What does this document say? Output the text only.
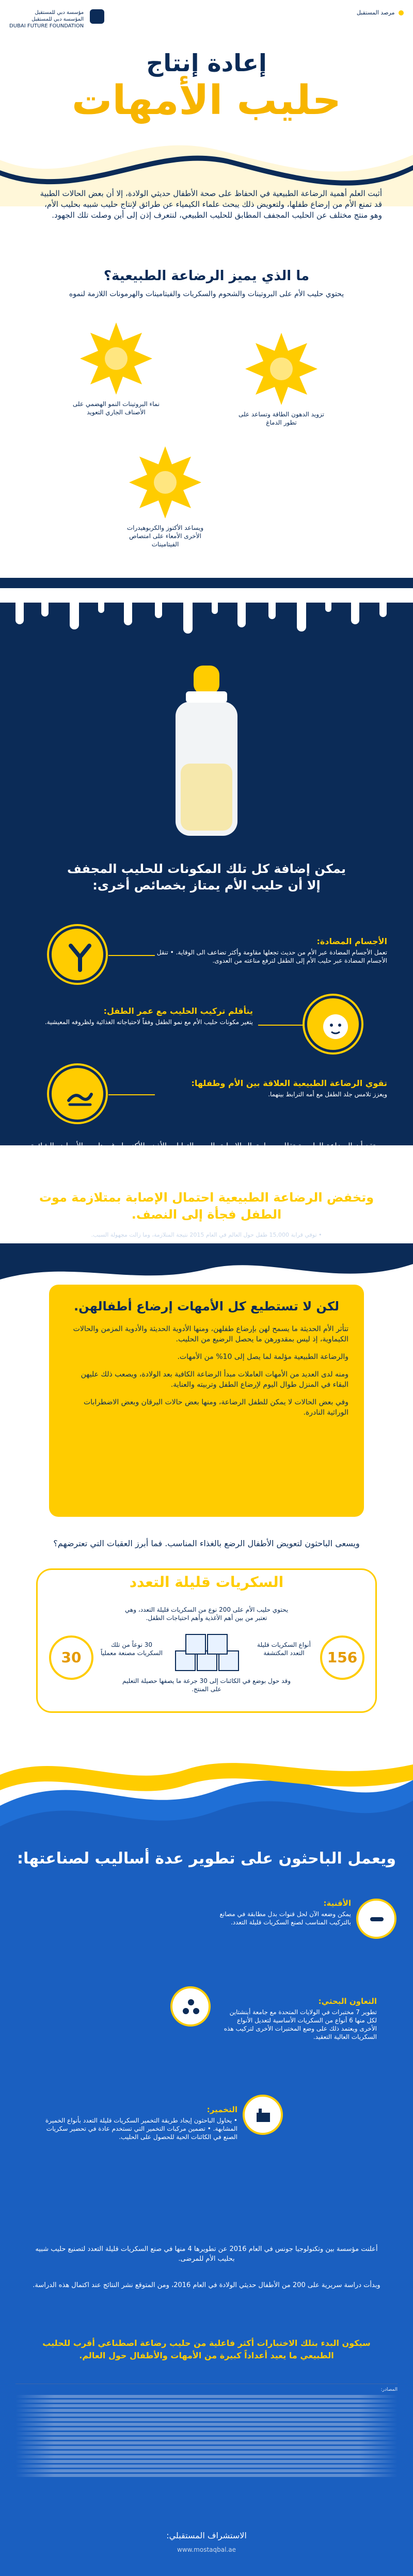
مؤسسة دبي للمستقبل
المؤسسة دبي للمستقبل
DUBAI FUTURE FOUNDATION
مرصد المستقبل
إعادة إنتاج
حليب الأمهات
أثبت العلم أهمية الرضاعة الطبيعية في الحفاظ على صحة الأطفال حديثي الولادة، إلا أن بعض الحالات الطبية قد تمنع الأم من إرضاع طفلها، ولتعويض ذلك يبحث علماء الكيمياء عن طرائق لإنتاج حليب شبيه بحليب الأم، وهو منتج مختلف عن الحليب المجفف المطابق للحليب الطبيعي، لنتعرف إذن إلى أين وصلت تلك الجهود.
ما الذي يميز الرضاعة الطبيعية؟
يحتوي حليب الأم على البروتينات والشحوم والسكريات والفيتامينات والهرمونات اللازمة لنموه
نماء البروتينات النمو الهضمي على الأصناف الجاري التعويد	تزويد الدهون الطاقة وتساعد على تطور الدماغ
ويساعد الأكتوز والكربوهيدرات الأخرى الأمعاء على امتصاص الفيتامينات
يمكن إضافة كل تلك المكونات للحليب المجفف
إلا أن حليب الأم يمتاز بخصائص أخرى:
الأجسام المضادة:
تعمل الأجسام المضادة عبر الأم من حديث تجعلها مقاومة وأكثر تضاعف الى الوقاية. • تنقل الأجسام المضادة عبر حليب الأم إلى الطفل لترفع مناعته من العدوى.
يتأقلم تركيب الحليب مع عمر الطفل:
يتغير مكونات حليب الأم مع نمو الطفل وفقاً لاحتياجاته الغذائية ولظروفه المعيشية.
تقوي الرضاعة الطبيعية العلاقة بين الأم وطفلها:
ويعزز تلامس جلد الطفل مع أمه الترابط بينهما.
ويعتقد أن الرضاعة الطبيعية تقلل من احتمال الإصابة بالربو والتهابات الأذن والأكزيما وغيرها من الأمراض الشائعة.
وتخفض الرضاعة الطبيعية احتمال الإصابة بمتلازمة موت الطفل فجأة إلى النصف.
• توفي قرابة 15,000 طفل حول العالم في العام 2015 نتيجة المتلازمة، وما زالت مجهولة السبب.
لكن لا تستطيع كل الأمهات إرضاع أطفالهن.

تتأثر الأم الحديثة ما يسمح لهن بإرضاع طفلهن، ومنها الأدوية الحديثة والأدوية المزمن والحالات الكيماوية، إذ ليس بمقدورهن ما يحصل الرضيع من الحليب.

والرضاعة الطبيعية مؤلمة لما يصل إلى 10% من الأمهات.

ومنه لدى العديد من الأمهات العاملات مبدأ الرضاعة الكافية بعد الولادة، ويصعب ذلك عليهن البقاء في المنزل طوال اليوم لإرضاع الطفل وتربيته والعناية.

وفي بعض الحالات لا يمكن للطفل الرضاعة، ومنها بعض حالات اليرقان وبعض الاضطرابات الوراثية النادرة.

ويسعى الباحثون لتعويض الأطفال الرضع بالغذاء المناسب. فما أبرز العقبات التي تعترضهم؟
السكريات قليلة التعدد
يحتوي حليب الأم على 200 نوع من السكريات قليلة التعدد، وهي تعتبر من بين أهم الأغذية وأهم احتياجات الطفل.
156
أنواع السكريات قليلة التعدد المكتشفة
30
30 نوعاً من تلك السكريات مصنعة معملياً
وقد حول بوضع في الكائنات إلى 30 جرعة ما يصفها حصيلة التعليم على المنتج.
ويعمل الباحثون على تطوير عدة أساليب لصناعتها:
الأقنية:
يمكن وضعه الآن لحل قنوات بدل مطابقة في مصانع بالتركيب المناسب لصنع السكريات قليلة التعدد.
التعاون البحثي:
تطوير 7 مختبرات في الولايات المتحدة مع جامعة أينشتاين لكل منها 6 أنواع من السكريات الأساسية لتعديل الأنواع الأخرى ويعتمد ذلك على وضع المختبرات الأخرى لتركيب هذه السكريات العالية التعقيد.
التخمير:
• يحاول الباحثون إيجاد طريقة التخمير السكريات قليلة التعدد بأنواع الخميرة المشابهة. • تضمين مركبات التخمير التي تستخدم عادة في تحضير سكريات الصنع في الكائنات الحية للحصول على الحليب.
أعلنت مؤسسة بين وتكنولوجيا جونس في العام 2016 عن تطويرها 4 منها في صنع السكريات قليلة التعدد لتصنيع حليب شبيه بحليب الأم للمرضى.
وبدأت دراسة سريرية على 200 من الأطفال حديثي الولادة في العام 2016، ومن المتوقع نشر النتائج عند اكتمال هذه الدراسة.
سيكون البدء بتلك الاختبارات أكثر فاعلية من حليب رضاعة اصطناعي أقرب للحليب الطبيعي ما يعيد أعداداً كبيرة من الأمهات والأطفال حول العالم.
المصادر:
الاستشراف المستقبلي:
www.mostaqbal.ae
